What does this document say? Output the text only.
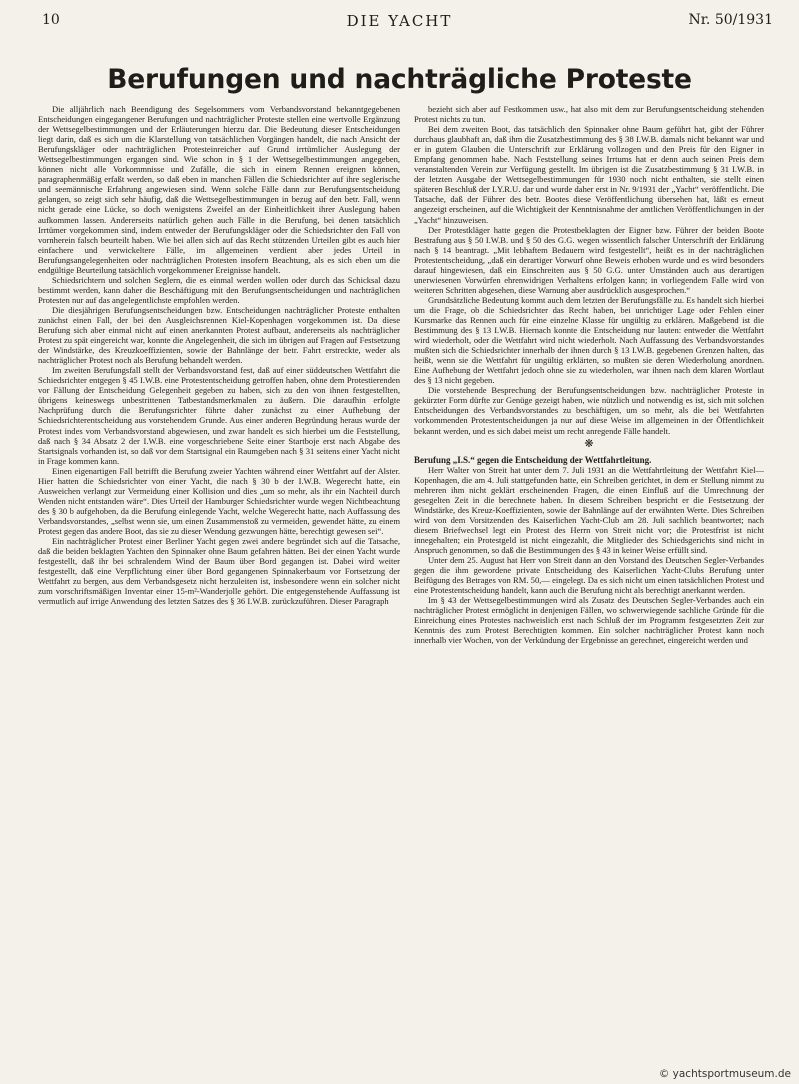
10	DIE YACHT	Nr. 50/1931
Berufungen und nachträgliche Proteste

Die alljährlich nach Beendigung des Segelsommers vom Verbandsvorstand bekanntgegebenen Entscheidungen eingegangener Berufungen und nachträglicher Proteste stellen eine wertvolle Ergänzung der Wettsegelbestimmungen und der Erläuterungen hierzu dar. Die Bedeutung dieser Entscheidungen liegt darin, daß es sich um die Klarstellung von tatsächlichen Vorgängen handelt, die nach Ansicht der Berufungskläger oder nachträglichen Protesteinreicher auf Grund irrtümlicher Auslegung der Wettsegelbestimmungen ergangen sind. Wie schon in § 1 der Wettsegelbestimmungen angegeben, können nicht alle Vorkommnisse und Zufälle, die sich in einem Rennen ereignen können, paragraphenmäßig erfaßt werden, so daß eben in manchen Fällen die Schiedsrichter auf ihre seglerische und seemännische Erfahrung angewiesen sind. Wenn solche Fälle dann zur Berufungsentscheidung gelangen, so zeigt sich sehr häufig, daß die Wettsegelbestimmungen in bezug auf den betr. Fall, wenn nicht gerade eine Lücke, so doch wenigstens Zweifel an der Einheitlichkeit ihrer Auslegung haben aufkommen lassen. Andererseits natürlich gehen auch Fälle in die Berufung, bei denen tatsächlich Irrtümer vorgekommen sind, indem entweder der Berufungskläger oder die Schiedsrichter den Fall von vornherein falsch beurteilt haben. Wie bei allen sich auf das Recht stützenden Urteilen gibt es auch hier einfachere und verwickeltere Fälle, im allgemeinen verdient aber jedes Urteil in Berufungsangelegenheiten oder nachträglichen Protesten insofern Beachtung, als es sich eben um die endgültige Beurteilung tatsächlich vorgekommener Ereignisse handelt.

Schiedsrichtern und solchen Seglern, die es einmal werden wollen oder durch das Schicksal dazu bestimmt werden, kann daher die Beschäftigung mit den Berufungsentscheidungen und nachträglichen Protesten nur auf das angelegentlichste empfohlen werden.

Die diesjährigen Berufungsentscheidungen bzw. Entscheidungen nachträglicher Proteste enthalten zunächst einen Fall, der bei den Ausgleichsrennen Kiel-Kopenhagen vorgekommen ist. Da diese Berufung sich aber einmal nicht auf einen anerkannten Protest aufbaut, andererseits als nachträglicher Protest zu spät eingereicht war, konnte die Angelegenheit, die sich im übrigen auf Fragen auf Festsetzung der Windstärke, des Kreuzkoeffizienten, sowie der Bahnlänge der betr. Fahrt erstreckte, weder als nachträglicher Protest noch als Berufung behandelt werden.

Im zweiten Berufungsfall stellt der Verbandsvorstand fest, daß auf einer süddeutschen Wettfahrt die Schiedsrichter entgegen § 45 I.W.B. eine Protestentscheidung getroffen haben, ohne dem Protestierenden vor Fällung der Entscheidung Gelegenheit gegeben zu haben, sich zu den von ihnen festgestellten, übrigens keineswegs unbestrittenen Tatbestandsmerkmalen zu äußern. Die daraufhin erfolgte Nachprüfung durch die Berufungsrichter führte daher zunächst zu einer Aufhebung der Schiedsrichterentscheidung aus vorstehendem Grunde. Aus einer anderen Begründung heraus wurde der Protest indes vom Verbandsvorstand abgewiesen, und zwar handelt es sich hierbei um die Feststellung, daß nach § 34 Absatz 2 der I.W.B. eine vorgeschriebene Seite einer Startboje erst nach Abgabe des Startsignals vorhanden ist, so daß vor dem Startsignal ein Raumgeben nach § 31 seitens einer Yacht nicht in Frage kommen kann.

Einen eigenartigen Fall betrifft die Berufung zweier Yachten während einer Wettfahrt auf der Alster. Hier hatten die Schiedsrichter von einer Yacht, die nach § 30 b der I.W.B. Wegerecht hatte, ein Ausweichen verlangt zur Vermeidung einer Kollision und dies „um so mehr, als ihr ein Nachteil durch Wenden nicht entstanden wäre“. Dies Urteil der Hamburger Schiedsrichter wurde wegen Nichtbeachtung des § 30 b aufgehoben, da die Berufung einlegende Yacht, welche Wegerecht hatte, nach Auffassung des Verbandsvorstandes, „selbst wenn sie, um einen Zusammenstoß zu vermeiden, gewendet hätte, zu einem Protest gegen das andere Boot, das sie zu dieser Wendung gezwungen hätte, berechtigt gewesen sei“.

Ein nachträglicher Protest einer Berliner Yacht gegen zwei andere begründet sich auf die Tatsache, daß die beiden beklagten Yachten den Spinnaker ohne Baum gefahren hätten. Bei der einen Yacht wurde festgestellt, daß ihr bei schralendem Wind der Baum über Bord gegangen ist. Dabei wird weiter festgestellt, daß eine Verpflichtung einer über Bord gegangenen Spinnakerbaum vor Fortsetzung der Wettfahrt zu bergen, aus dem Verbandsgesetz nicht herzuleiten ist, insbesondere wenn ein solcher nicht zum vorschriftsmäßigen Inventar einer 15-m²-Wanderjolle gehört. Die entgegenstehende Auffassung ist vermutlich auf irrige Anwendung des letzten Satzes des § 36 I.W.B. zurückzuführen. Dieser Paragraph

bezieht sich aber auf Festkommen usw., hat also mit dem zur Berufungsentscheidung stehenden Protest nichts zu tun.

Bei dem zweiten Boot, das tatsächlich den Spinnaker ohne Baum geführt hat, gibt der Führer durchaus glaubhaft an, daß ihm die Zusatzbestimmung des § 38 I.W.B. damals nicht bekannt war und er in gutem Glauben die Unterschrift zur Erklärung vollzogen und den Preis für den Eigner in Empfang genommen habe. Nach Feststellung seines Irrtums hat er denn auch seinen Preis dem veranstaltenden Verein zur Verfügung gestellt. Im übrigen ist die Zusatzbestimmung § 31 I.W.B. in der letzten Ausgabe der Wettsegelbestimmungen für 1930 noch nicht enthalten, sie stellt einen späteren Beschluß der I.Y.R.U. dar und wurde daher erst in Nr. 9/1931 der „Yacht“ veröffentlicht. Die Tatsache, daß der Führer des betr. Bootes diese Veröffentlichung übersehen hat, läßt es erneut angezeigt erscheinen, auf die Wichtigkeit der Kenntnisnahme der amtlichen Veröffentlichungen in der „Yacht“ hinzuweisen.

Der Protestkläger hatte gegen die Protestbeklagten der Eigner bzw. Führer der beiden Boote Bestrafung aus § 50 I.W.B. und § 50 des G.G. wegen wissentlich falscher Unterschrift der Erklärung nach § 14 beantragt. „Mit lebhaftem Bedauern wird festgestellt“, heißt es in der nachträglichen Protestentscheidung, „daß ein derartiger Vorwurf ohne Beweis erhoben wurde und es wird besonders darauf hingewiesen, daß ein Einschreiten aus § 50 G.G. unter Umständen auch aus derartigen unerwiesenen Vorwürfen ehrenwidrigen Verhaltens erfolgen kann; in vorliegendem Falle wird von weiteren Schritten abgesehen, diese Warnung aber ausdrücklich ausgesprochen.“

Grundsätzliche Bedeutung kommt auch dem letzten der Berufungsfälle zu. Es handelt sich hierbei um die Frage, ob die Schiedsrichter das Recht haben, bei unrichtiger Lage oder Fehlen einer Kursmarke das Rennen auch für eine einzelne Klasse für ungültig zu erklären. Maßgebend ist die Bestimmung des § 13 I.W.B. Hiernach konnte die Entscheidung nur lauten: entweder die Wettfahrt wird wiederholt, oder die Wettfahrt wird nicht wiederholt. Nach Auffassung des Verbandsvorstandes mußten sich die Schiedsrichter innerhalb der ihnen durch § 13 I.W.B. gegebenen Grenzen halten, das heißt, wenn sie die Wettfahrt für ungültig erklärten, so mußten sie deren Wiederholung anordnen. Eine Aufhebung der Wettfahrt jedoch ohne sie zu wiederholen, war ihnen nach dem klaren Wortlaut des § 13 nicht gegeben.

Die vorstehende Besprechung der Berufungsentscheidungen bzw. nachträglicher Proteste in gekürzter Form dürfte zur Genüge gezeigt haben, wie nützlich und notwendig es ist, sich mit solchen Entscheidungen des Verbandsvorstandes zu beschäftigen, um so mehr, als die bei Wettfahrten vorkommenden Protestentscheidungen ja nur auf diese Weise im allgemeinen in der Öffentlichkeit bekannt werden, und es sich dabei meist um recht anregende Fälle handelt.

❋

Berufung „I.S.“ gegen die Entscheidung der Wettfahrtleitung.

Herr Walter von Streit hat unter dem 7. Juli 1931 an die Wettfahrtleitung der Wettfahrt Kiel—Kopenhagen, die am 4. Juli stattgefunden hatte, ein Schreiben gerichtet, in dem er Stellung nimmt zu mehreren ihm nicht geklärt erscheinenden Fragen, die einen Einfluß auf die Umrechnung der gesegelten Zeit in die berechnete haben. In diesem Schreiben bespricht er die Festsetzung der Windstärke, des Kreuz-Koeffizienten, sowie der Bahnlänge auf der erwähnten Werte. Dies Schreiben wird von dem Vorsitzenden des Kaiserlichen Yacht-Club am 28. Juli sachlich beantwortet; nach diesem Briefwechsel legt ein Protest des Herrn von Streit nicht vor; die Protestfrist ist nicht innegehalten; ein Protestgeld ist nicht eingezahlt, die Mitglieder des Schiedsgerichts sind nicht in Anspruch genommen, so daß die Bestimmungen des § 43 in keiner Weise erfüllt sind.

Unter dem 25. August hat Herr von Streit dann an den Vorstand des Deutschen Segler-Verbandes gegen die ihm gewordene private Entscheidung des Kaiserlichen Yacht-Clubs Berufung unter Beifügung des Betrages von RM. 50,— eingelegt. Da es sich nicht um einen tatsächlichen Protest und eine Protestentscheidung handelt, kann auch die Berufung nicht als berechtigt anerkannt werden.

Im § 43 der Wettsegelbestimmungen wird als Zusatz des Deutschen Segler-Verbandes auch ein nachträglicher Protest ermöglicht in denjenigen Fällen, wo schwerwiegende sachliche Gründe für die Einreichung eines Protestes nachweislich erst nach Schluß der im Programm festgesetzten Zeit zur Kenntnis des zum Protest Berechtigten kommen. Ein solcher nachträglicher Protest kann noch innerhalb vier Wochen, von der Verkündung der Ergebnisse an gerechnet, eingereicht werden und

© yachtsportmuseum.de
